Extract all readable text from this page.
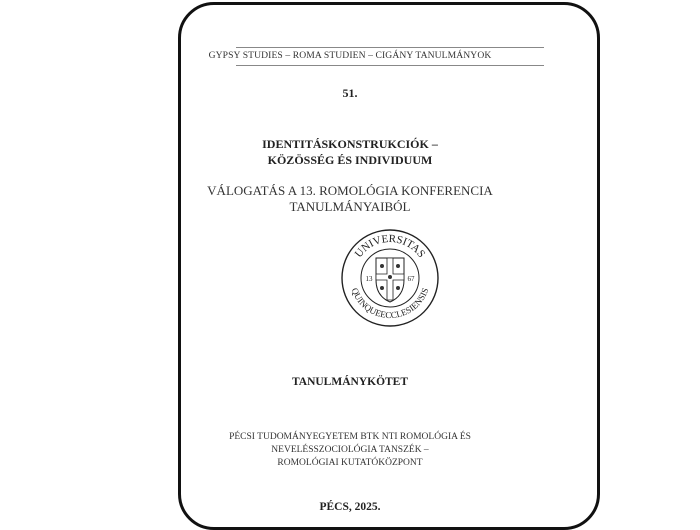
GYPSY STUDIES – ROMA STUDIEN – CIGÁNY TANULMÁNYOK
51.
IDENTITÁSKONSTRUKCIÓK –
KÖZÖSSÉG ÉS INDIVIDUUM
VÁLOGATÁS A 13. ROMOLÓGIA KONFERENCIA
TANULMÁNYAIBÓL
UNIVERSITAS
QUINQUEECCLESIENSIS
13	67
TANULMÁNYKÖTET
PÉCSI TUDOMÁNYEGYETEM BTK NTI ROMOLÓGIA ÉS
NEVELÉSSZOCIOLÓGIA TANSZÉK –
ROMOLÓGIAI KUTATÓKÖZPONT
PÉCS, 2025.
